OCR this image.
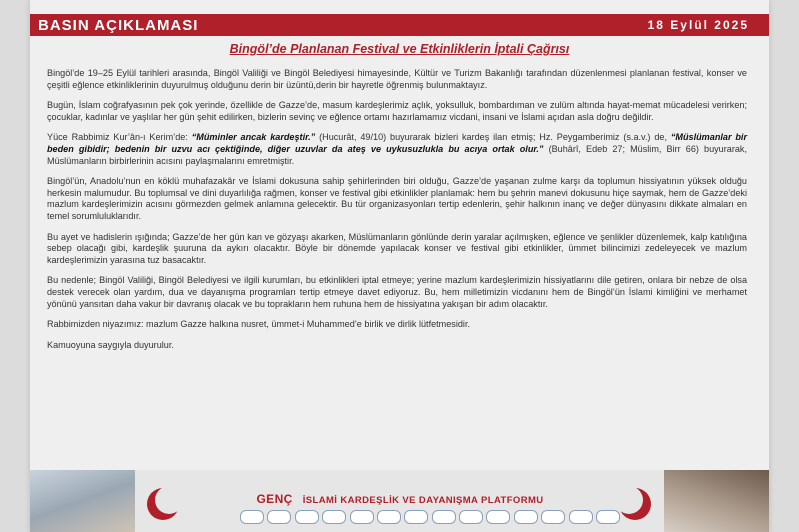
BASIN AÇIKLAMASI	18 Eylül 2025
Bingöl’de Planlanan Festival ve Etkinliklerin İptali Çağrısı

Bingöl’de 19–25 Eylül tarihleri arasında, Bingöl Valiliği ve Bingöl Belediyesi himayesinde, Kültür ve Turizm Bakanlığı tarafından düzenlenmesi planlanan festival, konser ve çeşitli eğlence etkinliklerinin duyurulmuş olduğunu derin bir üzüntü,derin bir hayretle öğrenmiş bulunmaktayız.

Bugün, İslam coğrafyasının pek çok yerinde, özellikle de Gazze’de, masum kardeşlerimiz açlık, yoksulluk, bombardıman ve zulüm altında hayat-memat mücadelesi verirken; çocuklar, kadınlar ve yaşlılar her gün şehit edilirken, bizlerin sevinç ve eğlence ortamı hazırlamamız vicdani, insani ve İslami açıdan asla doğru değildir.

Yüce Rabbimiz Kur’ân-ı Kerim’de: “Müminler ancak kardeştir.” (Hucurât, 49/10) buyurarak bizleri kardeş ilan etmiş; Hz. Peygamberimiz (s.a.v.) de, “Müslümanlar bir beden gibidir; bedenin bir uzvu acı çektiğinde, diğer uzuvlar da ateş ve uykusuzlukla bu acıya ortak olur.” (Buhârî, Edeb 27; Müslim, Birr 66) buyurarak, Müslümanların birbirlerinin acısını paylaşmalarını emretmiştir.

Bingöl’ün, Anadolu’nun en köklü muhafazakâr ve İslami dokusuna sahip şehirlerinden biri olduğu, Gazze’de yaşanan zulme karşı da toplumun hissiyatının yüksek olduğu herkesin malumudur. Bu toplumsal ve dini duyarlılığa rağmen, konser ve festival gibi etkinlikler planlamak: hem bu şehrin manevi dokusunu hiçe saymak, hem de Gazze’deki mazlum kardeşlerimizin acısını görmezden gelmek anlamına gelecektir. Bu tür organizasyonları tertip edenlerin, şehir halkının inanç ve değer dünyasını dikkate almaları en temel sorumluluklarıdır.

Bu ayet ve hadislerin ışığında; Gazze’de her gün kan ve gözyaşı akarken, Müslümanların gönlünde derin yaralar açılmışken, eğlence ve şenlikler düzenlemek, kalp katılığına sebep olacağı gibi, kardeşlik şuuruna da aykırı olacaktır. Böyle bir dönemde yapılacak konser ve festival gibi etkinlikler, ümmet bilincimizi zedeleyecek ve mazlum kardeşlerimizin yarasına tuz basacaktır.

Bu nedenle; Bingöl Valiliği, Bingöl Belediyesi ve ilgili kurumları, bu etkinlikleri iptal etmeye; yerine mazlum kardeşlerimizin hissiyatlarını dile getiren, onlara bir nebze de olsa destek verecek olan yardım, dua ve dayanışma programları tertip etmeye davet ediyoruz. Bu, hem milletimizin vicdanını hem de Bingöl’ün İslami kimliğini ve merhamet yönünü yansıtan daha vakur bir davranış olacak ve bu toprakların hem ruhuna hem de hissiyatına yakışan bir adım olacaktır.

Rabbimizden niyazımız: mazlum Gazze halkına nusret, ümmet-i Muhammed’e birlik ve dirlik lütfetmesidir.

Kamuoyuna saygıyla duyurulur.

GENÇ İSLAMİ KARDEŞLİK VE DAYANIŞMA PLATFORMU
